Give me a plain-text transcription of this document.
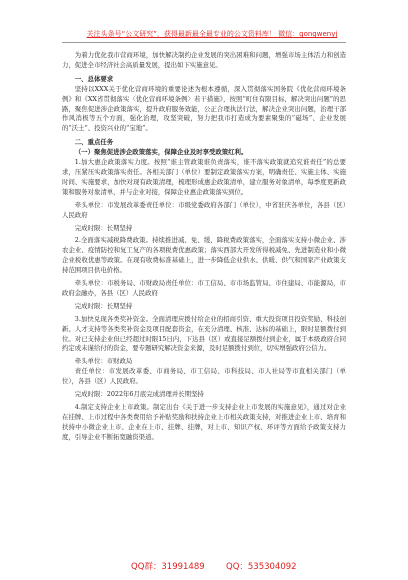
关注头条号“公文研究”，获得最新最全最专业的公文资料库！ 微信：gongwenyj

为着力优化我市营商环境，加快解决制约企业发展的突出困难和问题，增强市场主体活力和创造力，促进全市经济社会高质量发展，提出如下实施意见。

一、总体要求

坚持以XXX关于优化营商环境的重要论述为根本遵循，深入贯彻落实国务院《优化营商环境条例》和《XX省贯彻落实〈优化营商环境条例〉若干措施》，按照“町住有限目标，解决突出问题”的思路，聚焦促进涉企政策落实，提升政府服务效能，公正合理执法行法，解决企业突出问题，治理干部作风消极等五个方面，强化治理，攻坚突破，努力把我市打造成为要素聚集的“磁场”、企业发展的“沃土”、投资兴业的“宝地”。

二、重点任务

（一）聚焦促进涉企政策落实，保障企业及时享受政策红利。

1.加大惠企政策落实力度。按照“谁主管政策谁负责落实，谁不落实政策就追究谁责任”的总要求，压紧压实政策落实责任。各相关部门（单位）要制定政策落实方案，明确责任、实施主体、实施时间、实施要求，加快对现有政策清理，梳理形成惠企政策清单，建立服务对象清单，每季度更新政策和服务对象清单，并与企业对接，保障企业惠企政策落实到位。

牵头单位：市发展改革委责任单位：市级党委政府各部门（单位），中省驻庆各单位，各县（区）人民政府

完成时限：长期坚持

2.全面落实减税降费政策。持续推进减、免、缓、降税费政策落实，全面落实支持小微企业、涉农企业、疫情防控和复工复产的各项税费优惠政策；落实西部大开发所得税减免、先进制造业和小微企业税收优惠等政策。在现有收费标准基础上，进一步降低企业供水、供暖、供气和国家产业政策支持范围项目供电价格。

牵头单位：市税务局、市财政局责任单位：市工信局、市市场监管局、市住建局、市能源局，市政府金融办，各县（区）人民政府

完成时限：长期坚持

3.加快兑现各类奖补资金。全面清理应拨付给企业的招商引资、重大投资项目投资奖励、科技创新、人才支持等各类奖补资金及项目配套资金，在充分清理、核准、达标的基础上，限时足额拨付到位。对已支持企业但已经超过时限15日内，下达县（区）或直接足额拨付到企业，属于本级政府合同约定或未谨给付的资金，要专题研究解决资金来源，及时足额拨付到位，切实增强政府公信力。

牵头单位：市财政局

责任单位：市发展改革委、市商务局、市工信局、市科技局、市人社局等市直相关部门（单位），各县（区）人民政府。

完成时限：2022年6月底完成清理并长期坚持

4.制定支持企业上市政策。制定出台《关于进一步支持企业上市发展的实施意见》，通过对企业在挂牌、上市过程中各类费用给予补贴奖励和扶持企业上市相关政策支持，对推进企业上市、培育和扶持中小微企业上市、企业在上市、挂牌、挂牌，对上市、知识产权、环评等方面给予政策支持力度，引导企业不断拓宽融资渠道。

QQ群：31991489	QQ：535304092
